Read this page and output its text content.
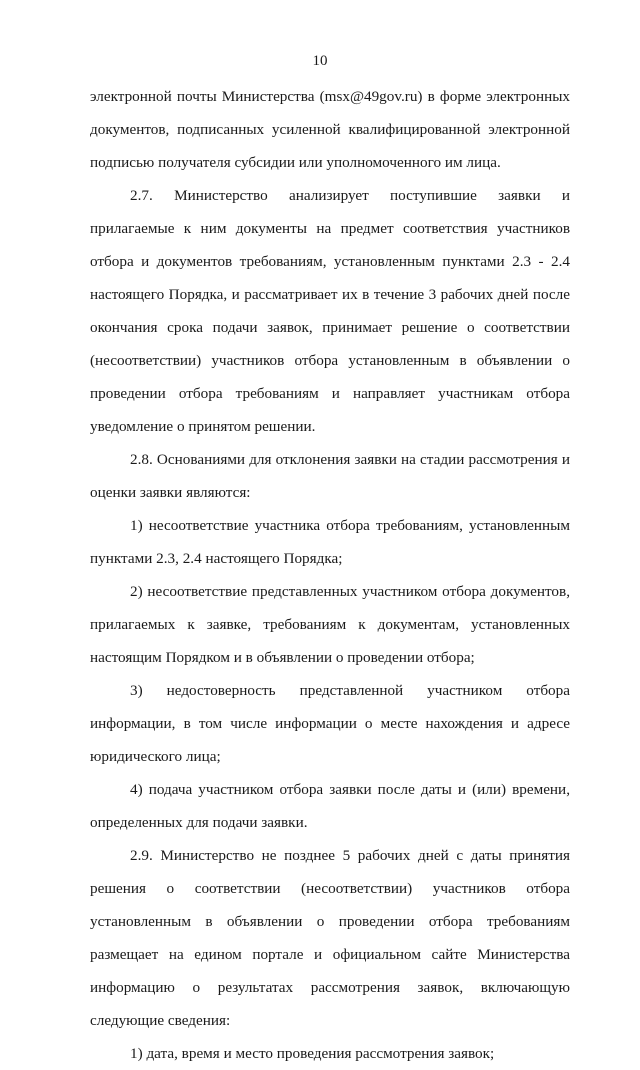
10

электронной почты Министерства (msx@49gov.ru) в форме электронных документов, подписанных усиленной квалифицированной электронной подписью получателя субсидии или уполномоченного им лица.

2.7. Министерство анализирует поступившие заявки и прилагаемые к ним документы на предмет соответствия участников отбора и документов требованиям, установленным пунктами 2.3 - 2.4 настоящего Порядка, и рассматривает их в течение 3 рабочих дней после окончания срока подачи заявок, принимает решение о соответствии (несоответствии) участников отбора установленным в объявлении о проведении отбора требованиям и направляет участникам отбора уведомление о принятом решении.

2.8. Основаниями для отклонения заявки на стадии рассмотрения и оценки заявки являются:

1) несоответствие участника отбора требованиям, установленным пунктами 2.3, 2.4 настоящего Порядка;

2) несоответствие представленных участником отбора документов, прилагаемых к заявке, требованиям к документам, установленных настоящим Порядком и в объявлении о проведении отбора;

3) недостоверность представленной участником отбора информации, в том числе информации о месте нахождения и адресе юридического лица;

4) подача участником отбора заявки после даты и (или) времени, определенных для подачи заявки.

2.9. Министерство не позднее 5 рабочих дней с даты принятия решения о соответствии (несоответствии) участников отбора установленным в объявлении о проведении отбора требованиям размещает на едином портале и официальном сайте Министерства информацию о результатах рассмотрения заявок, включающую следующие сведения:

1) дата, время и место проведения рассмотрения заявок;
